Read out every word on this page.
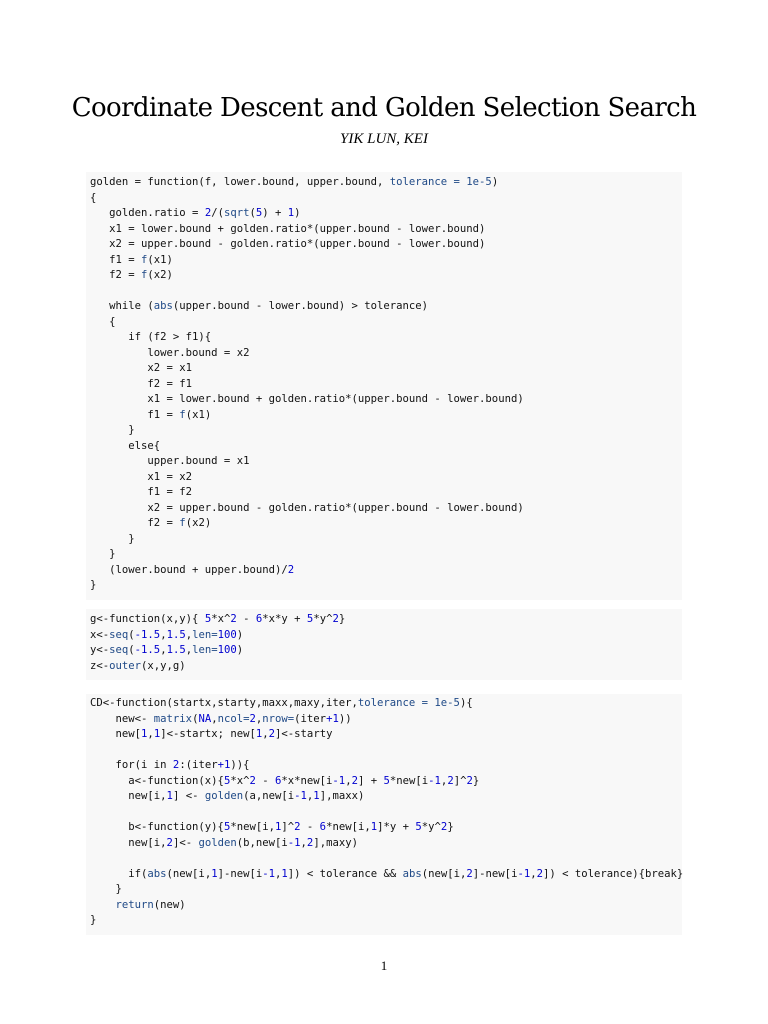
Coordinate Descent and Golden Selection Search
YIK LUN, KEI
golden = function(f, lower.bound, upper.bound, tolerance = 1e-5)
{
golden.ratio = 2/(sqrt(5) + 1)
x1 = lower.bound + golden.ratio*(upper.bound - lower.bound)
x2 = upper.bound - golden.ratio*(upper.bound - lower.bound)
f1 = f(x1)
f2 = f(x2)
while (abs(upper.bound - lower.bound) > tolerance)
{
if (f2 > f1){
lower.bound = x2
x2 = x1
f2 = f1
x1 = lower.bound + golden.ratio*(upper.bound - lower.bound)
f1 = f(x1)
}
else{
upper.bound = x1
x1 = x2
f1 = f2
x2 = upper.bound - golden.ratio*(upper.bound - lower.bound)
f2 = f(x2)
}
}
(lower.bound + upper.bound)/2
}
g<-function(x,y){ 5*x^2 - 6*x*y + 5*y^2}
x<-seq(-1.5,1.5,len=100)
y<-seq(-1.5,1.5,len=100)
z<-outer(x,y,g)
CD<-function(startx,starty,maxx,maxy,iter,tolerance = 1e-5){
new<- matrix(NA,ncol=2,nrow=(iter+1))
new[1,1]<-startx; new[1,2]<-starty
for(i in 2:(iter+1)){
a<-function(x){5*x^2 - 6*x*new[i-1,2] + 5*new[i-1,2]^2}
new[i,1] <- golden(a,new[i-1,1],maxx)
b<-function(y){5*new[i,1]^2 - 6*new[i,1]*y + 5*y^2}
new[i,2]<- golden(b,new[i-1,2],maxy)
if(abs(new[i,1]-new[i-1,1]) < tolerance && abs(new[i,2]-new[i-1,2]) < tolerance){break}
}
return(new)
}
1
